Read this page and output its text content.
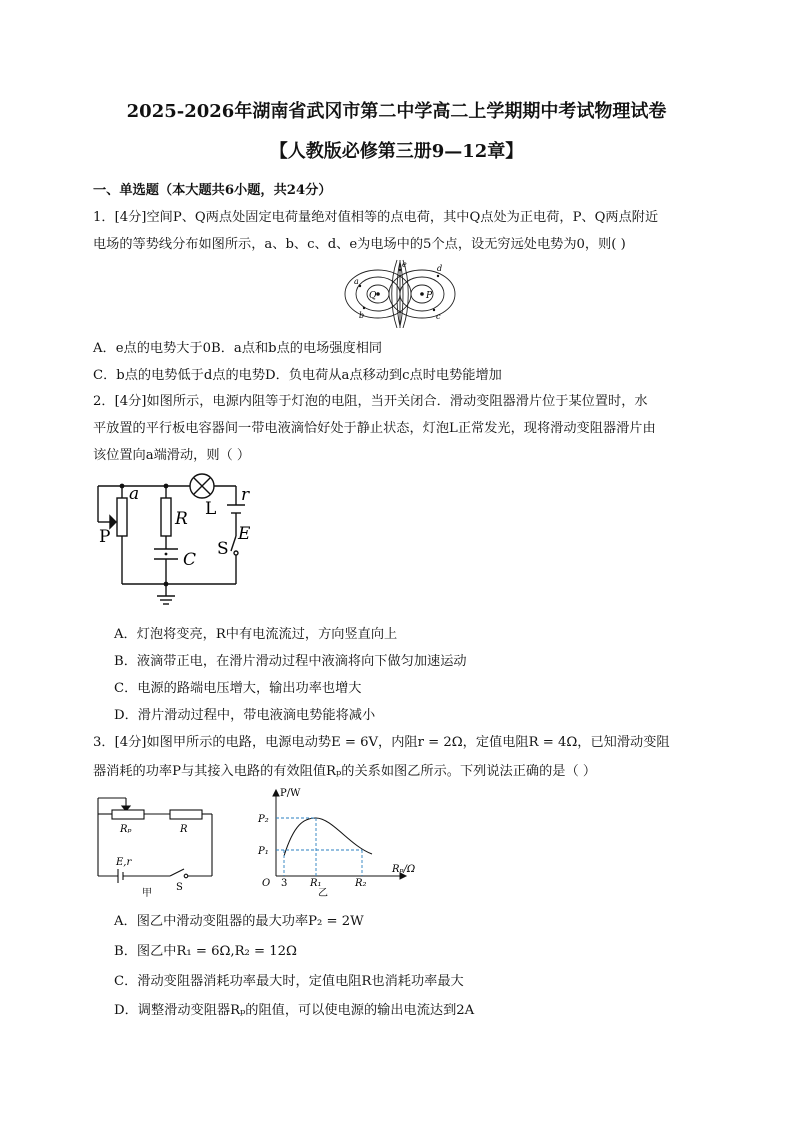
2025-2026年湖南省武冈市第二中学高二上学期期中考试物理试卷
【人教版必修第三册9—12章】
一、单选题（本大题共6小题，共24分）
1．[4分]空间P、Q两点处固定电荷量绝对值相等的点电荷，其中Q点处为正电荷，P、Q两点附近
电场的等势线分布如图所示，a、b、c、d、e为电场中的5个点，设无穷远处电势为0，则( )
Q	P
a
b	c
d
e
A．e点的电势大于0B．a点和b点的电场强度相同
C．b点的电势低于d点的电势D．负电荷从a点移动到c点时电势能增加
2．[4分]如图所示，电源内阻等于灯泡的电阻，当开关闭合．滑动变阻器滑片位于某位置时，水
平放置的平行板电容器间一带电液滴恰好处于静止状态，灯泡L正常发光，现将滑动变阻器滑片由
该位置向a端滑动，则（ ）
a
R L
r
E
S
P
C
A．灯泡将变亮，R中有电流流过，方向竖直向上
B．液滴带正电，在滑片滑动过程中液滴将向下做匀加速运动
C．电源的路端电压增大，输出功率也增大
D．滑片滑动过程中，带电液滴电势能将减小
3．[4分]如图甲所示的电路，电源电动势E = 6V，内阻r = 2Ω，定值电阻R = 4Ω，已知滑动变阻
器消耗的功率P与其接入电路的有效阻值Rₚ的关系如图乙所示。下列说法正确的是（ ）
Rₚ	R
E,r
S
甲
P/W
P₂
P₁
O 3 R₁	R₂
Rₚ/Ω
乙
A．图乙中滑动变阻器的最大功率P₂ = 2W
B．图乙中R₁ = 6Ω,R₂ = 12Ω
C．滑动变阻器消耗功率最大时，定值电阻R也消耗功率最大
D．调整滑动变阻器Rₚ的阻值，可以使电源的输出电流达到2A
